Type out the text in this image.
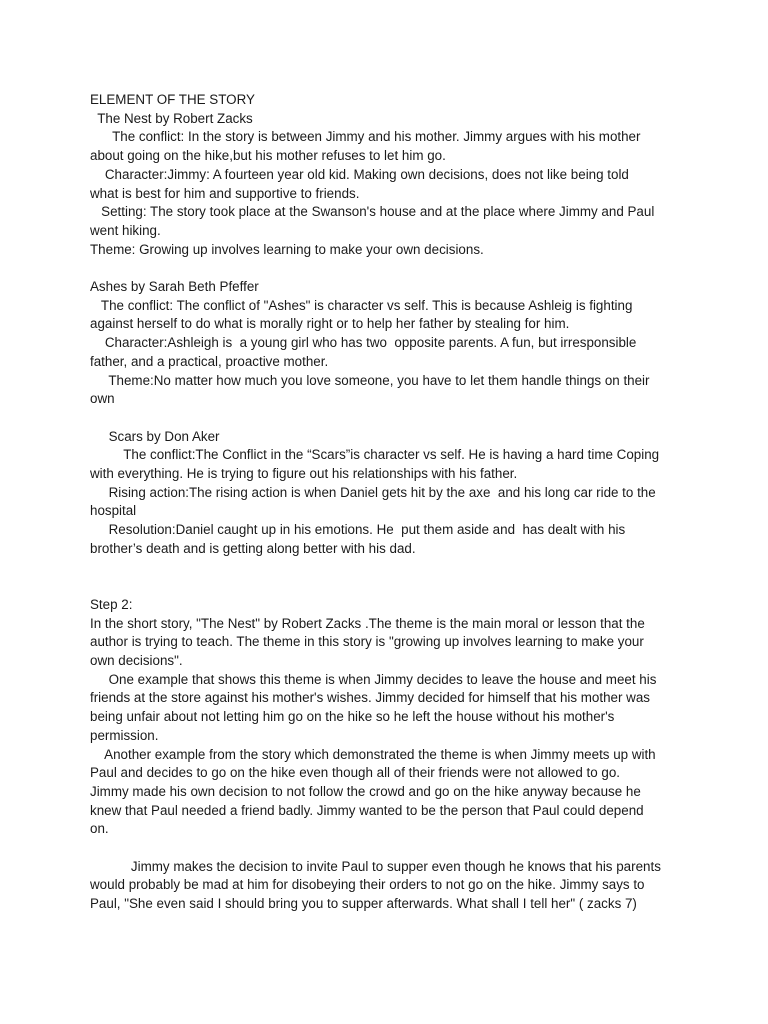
ELEMENT OF THE STORY

The Nest by Robert Zacks

The conflict: In the story is between Jimmy and his mother. Jimmy argues with his mother

about going on the hike,but his mother refuses to let him go.

Character:Jimmy: A fourteen year old kid. Making own decisions, does not like being told

what is best for him and supportive to friends.

Setting: The story took place at the Swanson's house and at the place where Jimmy and Paul

went hiking.

Theme: Growing up involves learning to make your own decisions.

Ashes by Sarah Beth Pfeffer

The conflict: The conflict of "Ashes" is character vs self. This is because Ashleig is fighting

against herself to do what is morally right or to help her father by stealing for him.

Character:Ashleigh is  a young girl who has two  opposite parents. A fun, but irresponsible

father, and a practical, proactive mother.

Theme:No matter how much you love someone, you have to let them handle things on their

own

Scars by Don Aker

The conflict:The Conflict in the “Scars”is character vs self. He is having a hard time Coping

with everything. He is trying to figure out his relationships with his father.

Rising action:The rising action is when Daniel gets hit by the axe  and his long car ride to the

hospital

Resolution:Daniel caught up in his emotions. He  put them aside and  has dealt with his

brother’s death and is getting along better with his dad.

Step 2:

In the short story, "The Nest" by Robert Zacks .The theme is the main moral or lesson that the

author is trying to teach. The theme in this story is "growing up involves learning to make your

own decisions".

One example that shows this theme is when Jimmy decides to leave the house and meet his

friends at the store against his mother's wishes. Jimmy decided for himself that his mother was

being unfair about not letting him go on the hike so he left the house without his mother's

permission.

Another example from the story which demonstrated the theme is when Jimmy meets up with

Paul and decides to go on the hike even though all of their friends were not allowed to go.

Jimmy made his own decision to not follow the crowd and go on the hike anyway because he

knew that Paul needed a friend badly. Jimmy wanted to be the person that Paul could depend

on.

Jimmy makes the decision to invite Paul to supper even though he knows that his parents

would probably be mad at him for disobeying their orders to not go on the hike. Jimmy says to

Paul, "She even said I should bring you to supper afterwards. What shall I tell her" ( zacks 7)
